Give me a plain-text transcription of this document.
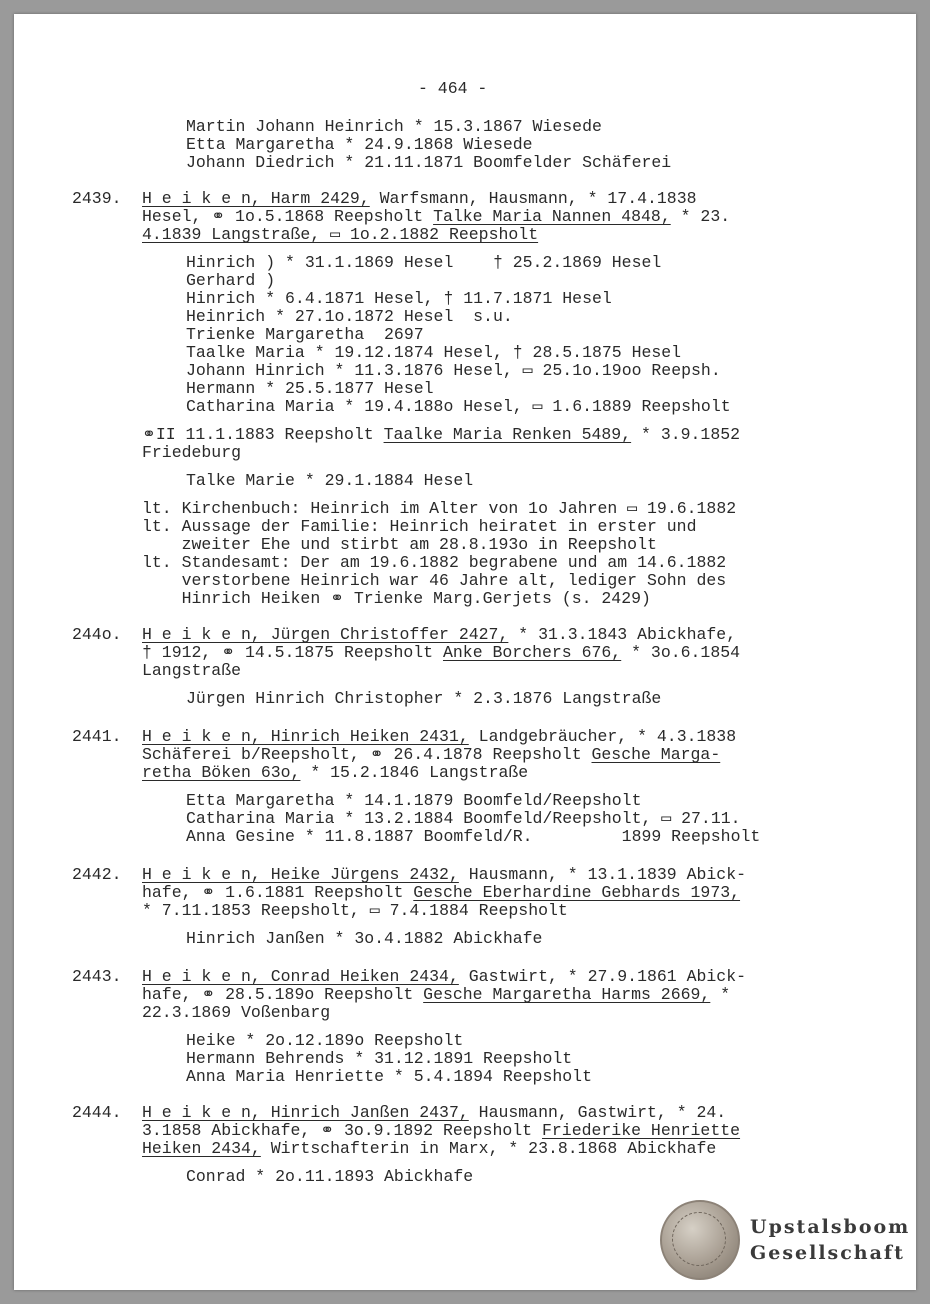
- 464 -
Martin Johann Heinrich * 15.3.1867 Wiesede
Etta Margaretha * 24.9.1868 Wiesede
Johann Diedrich * 21.11.1871 Boomfelder Schäferei
2439. H e i k e n, Harm 2429, Warfsmann, Hausmann, * 17.4.1838
Hesel, ⚭ 1o.5.1868 Reepsholt Talke Maria Nannen 4848, * 23.
4.1839 Langstraße, ▭ 1o.2.1882 Reepsholt
Hinrich ) * 31.1.1869 Hesel    † 25.2.1869 Hesel
Gerhard )
Hinrich * 6.4.1871 Hesel, † 11.7.1871 Hesel
Heinrich * 27.1o.1872 Hesel  s.u.
Trienke Margaretha  2697
Taalke Maria * 19.12.1874 Hesel, † 28.5.1875 Hesel
Johann Hinrich * 11.3.1876 Hesel, ▭ 25.1o.19oo Reepsh.
Hermann * 25.5.1877 Hesel
Catharina Maria * 19.4.188o Hesel, ▭ 1.6.1889 Reepsholt
⚭II 11.1.1883 Reepsholt Taalke Maria Renken 5489, * 3.9.1852
Friedeburg
Talke Marie * 29.1.1884 Hesel
lt. Kirchenbuch: Heinrich im Alter von 1o Jahren ▭ 19.6.1882
lt. Aussage der Familie: Heinrich heiratet in erster und
zweiter Ehe und stirbt am 28.8.193o in Reepsholt
lt. Standesamt: Der am 19.6.1882 begrabene und am 14.6.1882
verstorbene Heinrich war 46 Jahre alt, lediger Sohn des
Hinrich Heiken ⚭ Trienke Marg.Gerjets (s. 2429)
244o. H e i k e n, Jürgen Christoffer 2427, * 31.3.1843 Abickhafe,
† 1912, ⚭ 14.5.1875 Reepsholt Anke Borchers 676, * 3o.6.1854
Langstraße
Jürgen Hinrich Christopher * 2.3.1876 Langstraße
2441. H e i k e n, Hinrich Heiken 2431, Landgebräucher, * 4.3.1838
Schäferei b/Reepsholt, ⚭ 26.4.1878 Reepsholt Gesche Marga-
retha Böken 63o, * 15.2.1846 Langstraße
Etta Margaretha * 14.1.1879 Boomfeld/Reepsholt
Catharina Maria * 13.2.1884 Boomfeld/Reepsholt, ▭ 27.11.
Anna Gesine * 11.8.1887 Boomfeld/R.         1899 Reepsholt
2442. H e i k e n, Heike Jürgens 2432, Hausmann, * 13.1.1839 Abick-
hafe, ⚭ 1.6.1881 Reepsholt Gesche Eberhardine Gebhards 1973,
* 7.11.1853 Reepsholt, ▭ 7.4.1884 Reepsholt
Hinrich Janßen * 3o.4.1882 Abickhafe
2443. H e i k e n, Conrad Heiken 2434, Gastwirt, * 27.9.1861 Abick-
hafe, ⚭ 28.5.189o Reepsholt Gesche Margaretha Harms 2669, *
22.3.1869 Voßenbarg
Heike * 2o.12.189o Reepsholt
Hermann Behrends * 31.12.1891 Reepsholt
Anna Maria Henriette * 5.4.1894 Reepsholt
2444. H e i k e n, Hinrich Janßen 2437, Hausmann, Gastwirt, * 24.
3.1858 Abickhafe, ⚭ 3o.9.1892 Reepsholt Friederike Henriette
Heiken 2434, Wirtschafterin in Marx, * 23.8.1868 Abickhafe
Conrad * 2o.11.1893 Abickhafe
Upstalsboom
Gesellschaft
